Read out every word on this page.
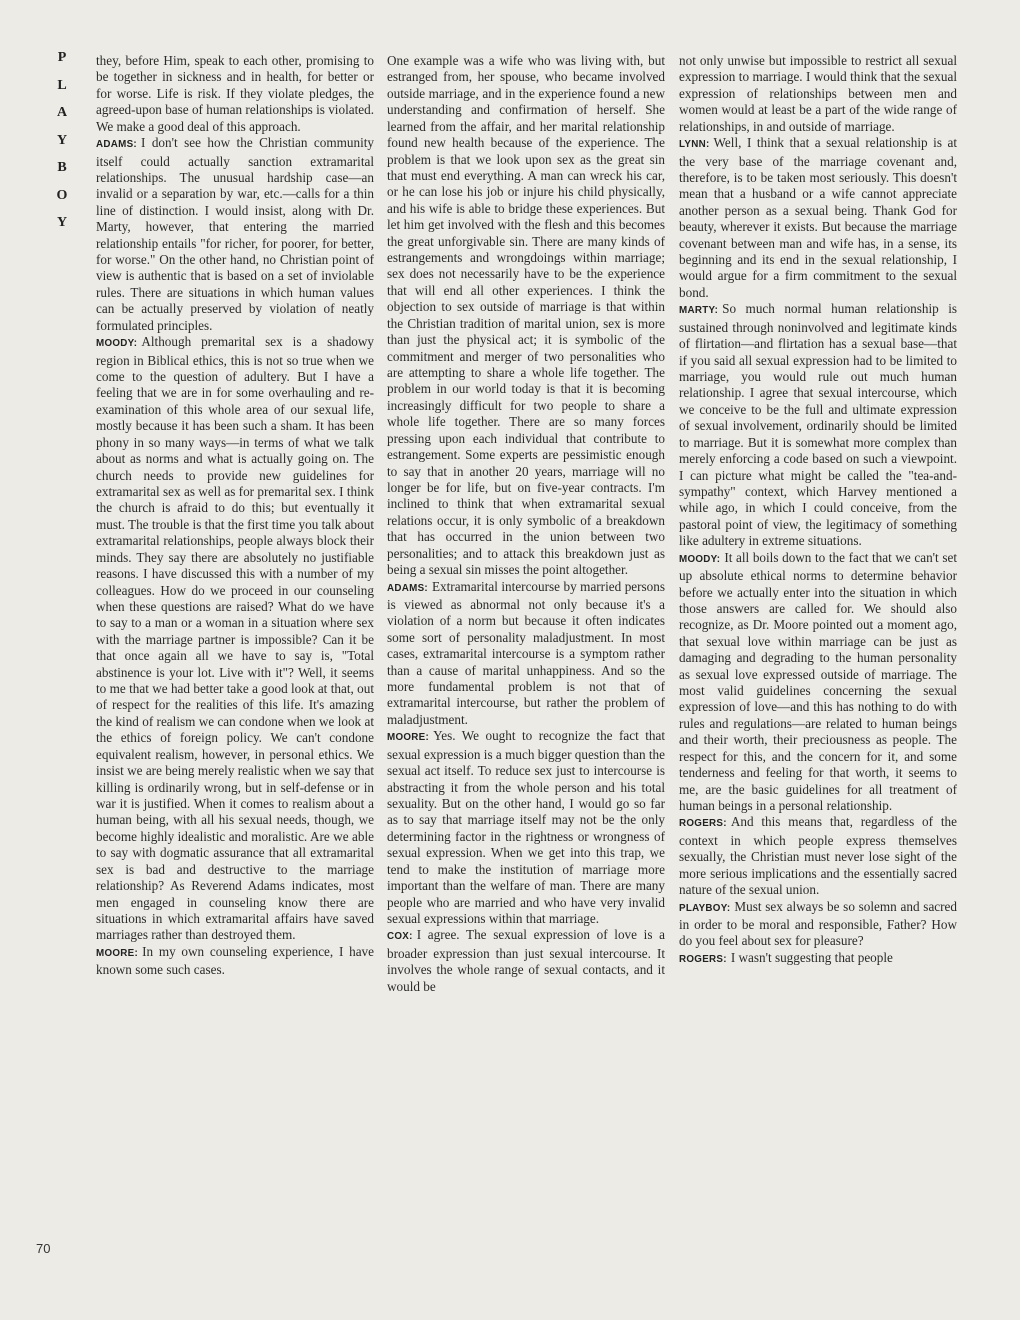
P
L
A
Y
B
O
Y

they, before Him, speak to each other, promising to be together in sickness and in health, for better or for worse. Life is risk. If they violate pledges, the agreed-upon base of human relationships is violated. We make a good deal of this approach.

ADAMS: I don't see how the Christian community itself could actually sanction extramarital relationships. The unusual hardship case—an invalid or a separation by war, etc.—calls for a thin line of distinction. I would insist, along with Dr. Marty, however, that entering the married relationship entails "for richer, for poorer, for better, for worse." On the other hand, no Christian point of view is authentic that is based on a set of inviolable rules. There are situations in which human values can be actually preserved by violation of neatly formulated principles.

MOODY: Although premarital sex is a shadowy region in Biblical ethics, this is not so true when we come to the question of adultery. But I have a feeling that we are in for some overhauling and re-examination of this whole area of our sexual life, mostly because it has been such a sham. It has been phony in so many ways—in terms of what we talk about as norms and what is actually going on. The church needs to provide new guidelines for extramarital sex as well as for premarital sex. I think the church is afraid to do this; but eventually it must. The trouble is that the first time you talk about extramarital relationships, people always block their minds. They say there are absolutely no justifiable reasons. I have discussed this with a number of my colleagues. How do we proceed in our counseling when these questions are raised? What do we have to say to a man or a woman in a situation where sex with the marriage partner is impossible? Can it be that once again all we have to say is, "Total abstinence is your lot. Live with it"? Well, it seems to me that we had better take a good look at that, out of respect for the realities of this life. It's amazing the kind of realism we can condone when we look at the ethics of foreign policy. We can't condone equivalent realism, however, in personal ethics. We insist we are being merely realistic when we say that killing is ordinarily wrong, but in self-defense or in war it is justified. When it comes to realism about a human being, with all his sexual needs, though, we become highly idealistic and moralistic. Are we able to say with dogmatic assurance that all extramarital sex is bad and destructive to the marriage relationship? As Reverend Adams indicates, most men engaged in counseling know there are situations in which extramarital affairs have saved marriages rather than destroyed them.

MOORE: In my own counseling experience, I have known some such cases.

One example was a wife who was living with, but estranged from, her spouse, who became involved outside marriage, and in the experience found a new understanding and confirmation of herself. She learned from the affair, and her marital relationship found new health because of the experience. The problem is that we look upon sex as the great sin that must end everything. A man can wreck his car, or he can lose his job or injure his child physically, and his wife is able to bridge these experiences. But let him get involved with the flesh and this becomes the great unforgivable sin. There are many kinds of estrangements and wrongdoings within marriage; sex does not necessarily have to be the experience that will end all other experiences. I think the objection to sex outside of marriage is that within the Christian tradition of marital union, sex is more than just the physical act; it is symbolic of the commitment and merger of two personalities who are attempting to share a whole life together. The problem in our world today is that it is becoming increasingly difficult for two people to share a whole life together. There are so many forces pressing upon each individual that contribute to estrangement. Some experts are pessimistic enough to say that in another 20 years, marriage will no longer be for life, but on five-year contracts. I'm inclined to think that when extramarital sexual relations occur, it is only symbolic of a breakdown that has occurred in the union between two personalities; and to attack this breakdown just as being a sexual sin misses the point altogether.

ADAMS: Extramarital intercourse by married persons is viewed as abnormal not only because it's a violation of a norm but because it often indicates some sort of personality maladjustment. In most cases, extramarital intercourse is a symptom rather than a cause of marital unhappiness. And so the more fundamental problem is not that of extramarital intercourse, but rather the problem of maladjustment.

MOORE: Yes. We ought to recognize the fact that sexual expression is a much bigger question than the sexual act itself. To reduce sex just to intercourse is abstracting it from the whole person and his total sexuality. But on the other hand, I would go so far as to say that marriage itself may not be the only determining factor in the rightness or wrongness of sexual expression. When we get into this trap, we tend to make the institution of marriage more important than the welfare of man. There are many people who are married and who have very invalid sexual expressions within that marriage.

COX: I agree. The sexual expression of love is a broader expression than just sexual intercourse. It involves the whole range of sexual contacts, and it would be

not only unwise but impossible to restrict all sexual expression to marriage. I would think that the sexual expression of relationships between men and women would at least be a part of the wide range of relationships, in and outside of marriage.

LYNN: Well, I think that a sexual relationship is at the very base of the marriage covenant and, therefore, is to be taken most seriously. This doesn't mean that a husband or a wife cannot appreciate another person as a sexual being. Thank God for beauty, wherever it exists. But because the marriage covenant between man and wife has, in a sense, its beginning and its end in the sexual relationship, I would argue for a firm commitment to the sexual bond.

MARTY: So much normal human relationship is sustained through noninvolved and legitimate kinds of flirtation—and flirtation has a sexual base—that if you said all sexual expression had to be limited to marriage, you would rule out much human relationship. I agree that sexual intercourse, which we conceive to be the full and ultimate expression of sexual involvement, ordinarily should be limited to marriage. But it is somewhat more complex than merely enforcing a code based on such a viewpoint. I can picture what might be called the "tea-and-sympathy" context, which Harvey mentioned a while ago, in which I could conceive, from the pastoral point of view, the legitimacy of something like adultery in extreme situations.

MOODY: It all boils down to the fact that we can't set up absolute ethical norms to determine behavior before we actually enter into the situation in which those answers are called for. We should also recognize, as Dr. Moore pointed out a moment ago, that sexual love within marriage can be just as damaging and degrading to the human personality as sexual love expressed outside of marriage. The most valid guidelines concerning the sexual expression of love—and this has nothing to do with rules and regulations—are related to human beings and their worth, their preciousness as people. The respect for this, and the concern for it, and some tenderness and feeling for that worth, it seems to me, are the basic guidelines for all treatment of human beings in a personal relationship.

ROGERS: And this means that, regardless of the context in which people express themselves sexually, the Christian must never lose sight of the more serious implications and the essentially sacred nature of the sexual union.

PLAYBOY: Must sex always be so solemn and sacred in order to be moral and responsible, Father? How do you feel about sex for pleasure?

ROGERS: I wasn't suggesting that people

70
